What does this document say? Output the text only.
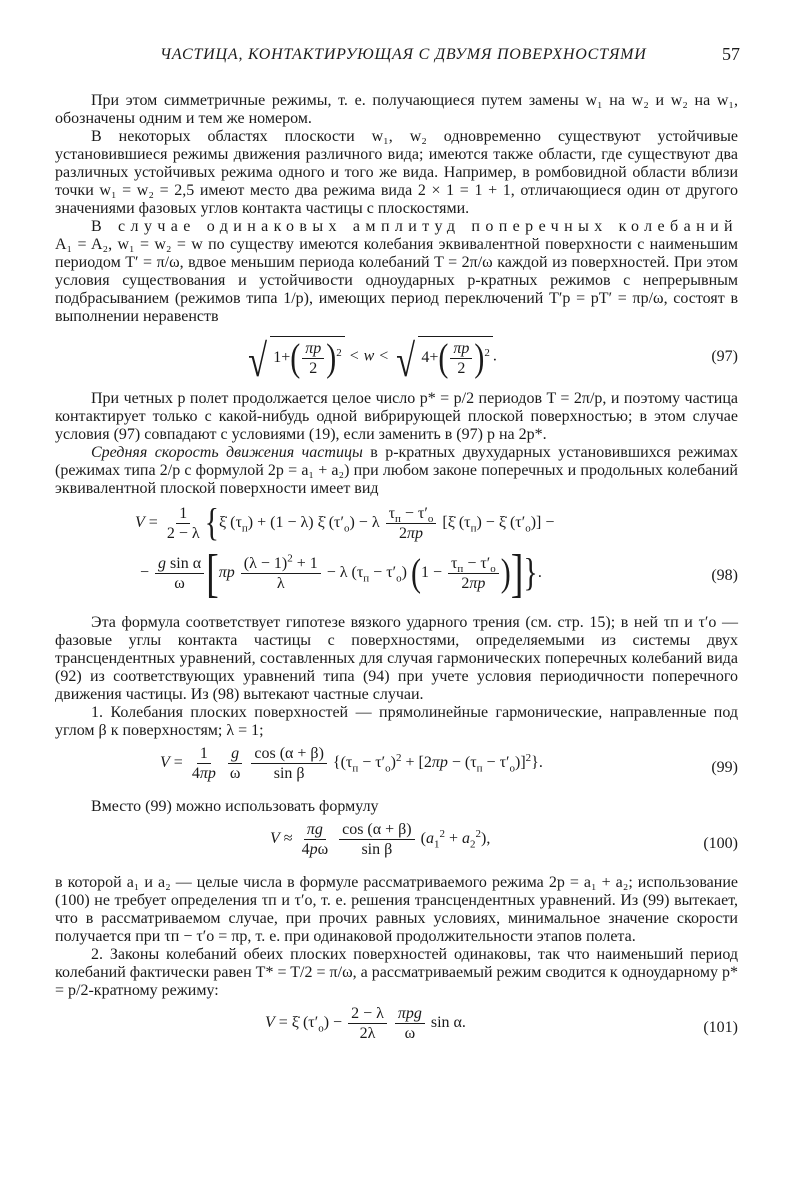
ЧАСТИЦА, КОНТАКТИРУЮЩАЯ С ДВУМЯ ПОВЕРХНОСТЯМИ	57

При этом симметричные режимы, т. е. получающиеся путем замены w₁ на w₂ и w₂ на w₁, обозначены одним и тем же номером.

В некоторых областях плоскости w₁, w₂ одновременно существуют устойчивые установившиеся режимы движения различного вида; имеются также области, где существуют два различных устойчивых режима одного и того же вида. Например, в ромбовидной области вблизи точки w₁ = w₂ = 2,5 имеют место два режима вида 2 × 1 = 1 + 1, отличающиеся один от другого значениями фазовых углов контакта частицы с плоскостями.

В случае одинаковых амплитуд поперечных колебаний A₁ = A₂, w₁ = w₂ = w по существу имеются колебания эквивалентной поверхности с наименьшим периодом T′ = π/ω, вдвое меньшим периода колебаний T = 2π/ω каждой из поверхностей. При этом условия существования и устойчивости одноударных p-кратных режимов с непрерывным подбрасыванием (режимов типа 1/p), имеющих период переключений T′p = pT′ = πp/ω, состоят в выполнении неравенств

√ $1+( \frac{\pi p}{2} )^2 < w$ < √ $4+( \frac{\pi p}{2} )^2$ .	(97)

При четных p полет продолжается целое число p* = p/2 периодов T = 2π/p, и поэтому частица контактирует только с какой-нибудь одной вибрирующей плоской поверхностью; в этом случае условия (97) совпадают с условиями (19), если заменить в (97) p на 2p*.

Средняя скорость движения частицы в p-кратных двухударных установившихся режимах (режимах типа 2/p с формулой 2p = a₁ + a₂) при любом законе поперечных и продольных колебаний эквивалентной плоской поверхности имеет вид

$V = \frac{1}{2 - \lambda}$ {ξ̇ $(\tau_п) + (1 - \lambda)$ ξ̇ $(\tau'_о) - \lambda \frac{\tau_п - \tau'_о}{2\pi p}$ [ξ̇ $(\tau_п)$ − ξ̇ $(\tau'_о)$] −
− $\frac{\text{g sin α}}{\omega} [\pi p \frac{(\lambda - 1)^2 + 1}{\lambda} - \lambda$ $(\tau_п - \tau'_о) (1 - \frac{\tau_п - \tau'_о}{2\pi p}$ )]}.	(98)

Эта формула соответствует гипотезе вязкого ударного трения (см. стр. 15); в ней τп и τ′о — фазовые углы контакта частицы с поверхностями, определяемыми из системы двух трансцендентных уравнений, составленных для случая гармонических поперечных колебаний вида (92) из соответствующих уравнений типа (94) при учете условия периодичности поперечного движения частицы. Из (98) вытекают частные случаи.

1. Колебания плоских поверхностей — прямолинейные гармонические, направленные под углом β к поверхностям; λ = 1;

$V = \frac{1}{4\pi p}$
$\frac{g}{\omega}$
$\frac{\cos (\alpha + \beta)}{\text{sin β}} \{(\tau_п - \tau'_о)^2 + [2\pi p - (\tau_п - \tau'_о)]^2\}$.	(99)

Вместо (99) можно использовать формулу

$V \approx \frac{\pi g}{4p\omega}$
$\frac{\cos (\alpha + \beta)}{\text{sin β}} (a_1^2 + a_2^2)$,	(100)

в которой a₁ и a₂ — целые числа в формуле рассматриваемого режима 2p = a₁ + a₂; использование (100) не требует определения τп и τ′о, т. е. решения трансцендентных уравнений. Из (99) вытекает, что в рассматриваемом случае, при прочих равных условиях, минимальное значение скорости получается при τп − τ′о = πp, т. е. при одинаковой продолжительности этапов полета.

2. Законы колебаний обеих плоских поверхностей одинаковы, так что наименьший период колебаний фактически равен T* = T/2 = π/ω, а рассматриваемый режим сводится к одноударному p* = p/2-кратному режиму:

V = ξ̇ $(\tau'_о) - \frac{2 - \lambda}{2\lambda}$
$\frac{\text{πpg}}{\omega}$ sin α.	(101)
